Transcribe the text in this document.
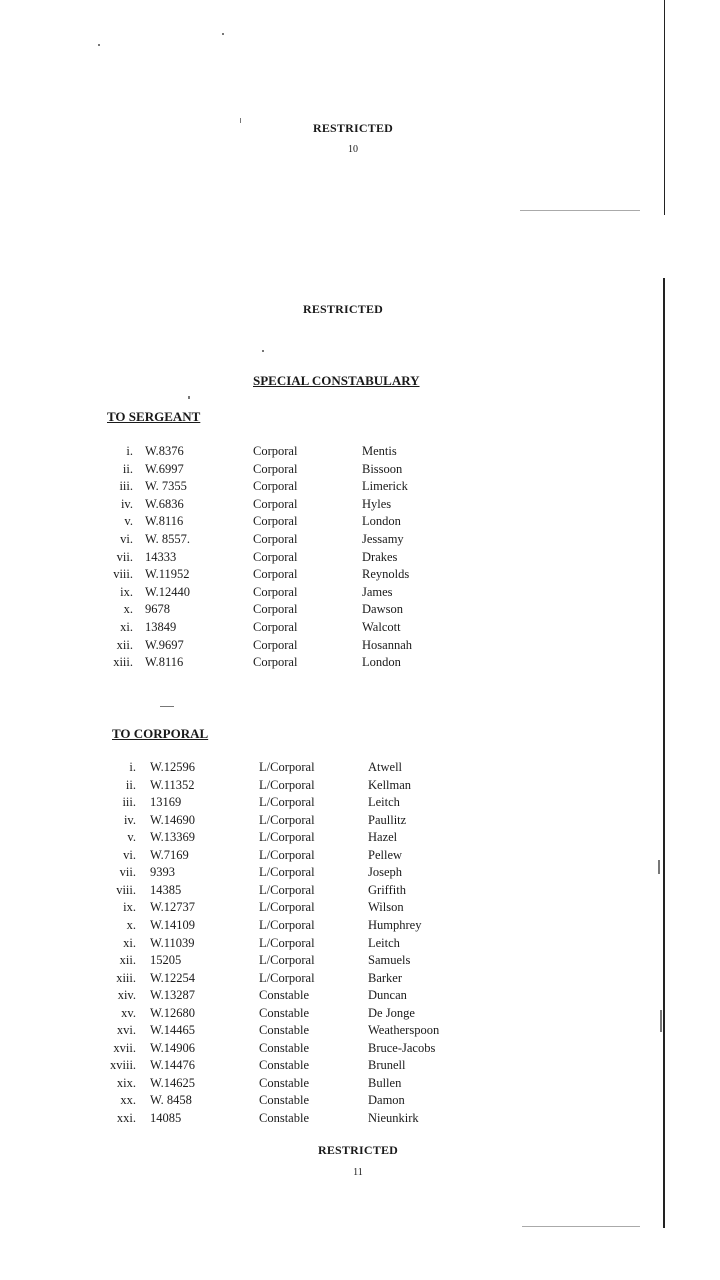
RESTRICTED
10
RESTRICTED
SPECIAL CONSTABULARY
TO SERGEANT
i. W.8376	Corporal	Mentis
ii. W.6997	Corporal	Bissoon
iii. W. 7355	Corporal	Limerick
iv. W.6836	Corporal	Hyles
v. W.8116	Corporal	London
vi. W. 8557.	Corporal	Jessamy
vii. 14333	Corporal	Drakes
viii. W.11952	Corporal	Reynolds
ix. W.12440	Corporal	James
x. 9678	Corporal	Dawson
xi. 13849	Corporal	Walcott
xii. W.9697	Corporal	Hosannah
xiii. W.8116	Corporal	London
TO CORPORAL
i. W.12596	L/Corporal	Atwell
ii. W.11352	L/Corporal	Kellman
iii. 13169	L/Corporal	Leitch
iv. W.14690	L/Corporal	Paullitz
v. W.13369	L/Corporal	Hazel
vi. W.7169	L/Corporal	Pellew
vii. 9393	L/Corporal	Joseph
viii. 14385	L/Corporal	Griffith
ix. W.12737	L/Corporal	Wilson
x. W.14109	L/Corporal	Humphrey
xi. W.11039	L/Corporal	Leitch
xii. 15205	L/Corporal	Samuels
xiii. W.12254	L/Corporal	Barker
xiv. W.13287	Constable	Duncan
xv. W.12680	Constable	De Jonge
xvi. W.14465	Constable	Weatherspoon
xvii. W.14906	Constable	Bruce-Jacobs
xviii. W.14476	Constable	Brunell
xix. W.14625	Constable	Bullen
xx. W. 8458	Constable	Damon
xxi. 14085	Constable	Nieunkirk
RESTRICTED
11
